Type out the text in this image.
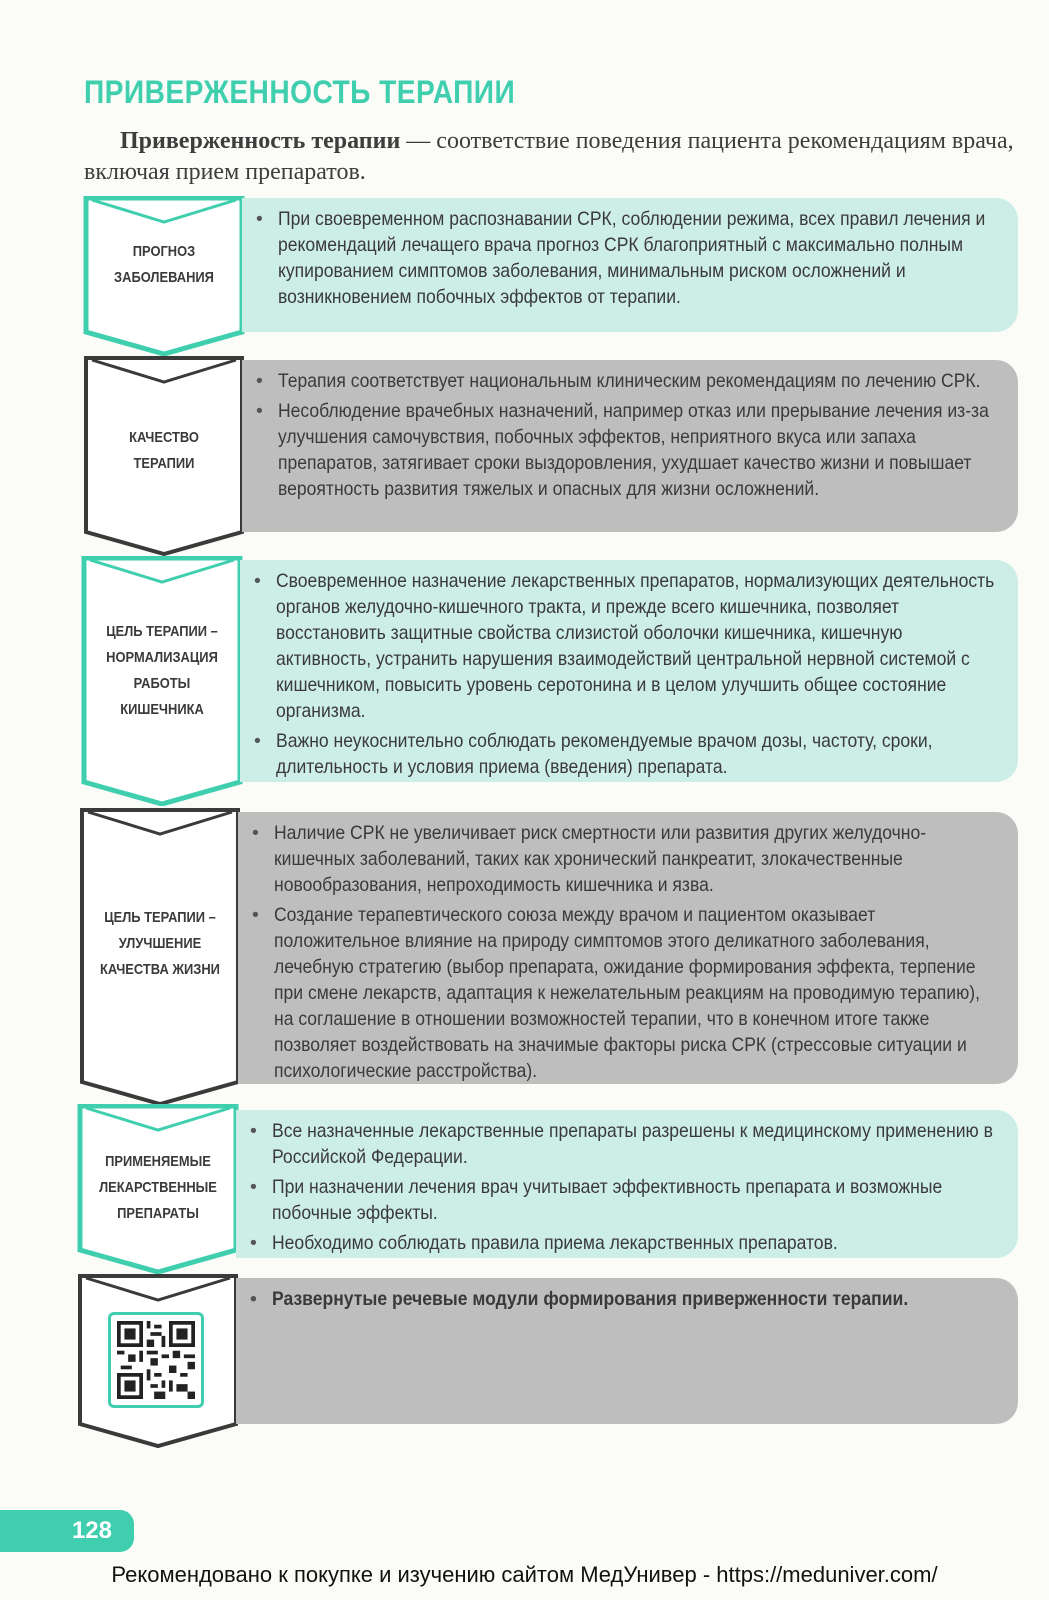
ПРИВЕРЖЕННОСТЬ ТЕРАПИИ
Приверженность терапии — соответствие поведения пациента рекомендациям врача, включая прием препаратов.
ПРОГНОЗ ЗАБОЛЕВАНИЯ
• При своевременном распознавании СРК, соблюдении режима, всех правил лечения и рекомендаций лечащего врача прогноз СРК благоприятный с максимально полным купированием симптомов заболевания, минимальным риском осложнений и возникновением побочных эффектов от терапии.
КАЧЕСТВО ТЕРАПИИ
• Терапия соответствует национальным клиническим рекомендациям по лечению СРК.
• Несоблюдение врачебных назначений, например отказ или прерывание лечения из-за улучшения самочувствия, побочных эффектов, неприятного вкуса или запаха препаратов, затягивает сроки выздоровления, ухудшает качество жизни и повышает вероятность развития тяжелых и опасных для жизни осложнений.
ЦЕЛЬ ТЕРАПИИ – НОРМАЛИЗАЦИЯ РАБОТЫ КИШЕЧНИКА
• Своевременное назначение лекарственных препаратов, нормализующих деятельность органов желудочно-кишечного тракта, и прежде всего кишечника, позволяет восстановить защитные свойства слизистой оболочки кишечника, кишечную активность, устранить нарушения взаимодействий центральной нервной системой с кишечником, повысить уровень серотонина и в целом улучшить общее состояние организма.
• Важно неукоснительно соблюдать рекомендуемые врачом дозы, частоту, сроки, длительность и условия приема (введения) препарата.
ЦЕЛЬ ТЕРАПИИ – УЛУЧШЕНИЕ КАЧЕСТВА ЖИЗНИ
• Наличие СРК не увеличивает риск смертности или развития других желудочно-кишечных заболеваний, таких как хронический панкреатит, злокачественные новообразования, непроходимость кишечника и язва.
• Создание терапевтического союза между врачом и пациентом оказывает положительное влияние на природу симптомов этого деликатного заболевания, лечебную стратегию (выбор препарата, ожидание формирования эффекта, терпение при смене лекарств, адаптация к нежелательным реакциям на проводимую терапию), на соглашение в отношении возможностей терапии, что в конечном итоге также позволяет воздействовать на значимые факторы риска СРК (стрессовые ситуации и психологические расстройства).
ПРИМЕНЯЕМЫЕ ЛЕКАРСТВЕННЫЕ ПРЕПАРАТЫ
• Все назначенные лекарственные препараты разрешены к медицинскому применению в Российской Федерации.
• При назначении лечения врач учитывает эффективность препарата и возможные побочные эффекты.
• Необходимо соблюдать правила приема лекарственных препаратов.
• Развернутые речевые модули формирования приверженности терапии.
128
Рекомендовано к покупке и изучению сайтом МедУнивер - https://meduniver.com/
